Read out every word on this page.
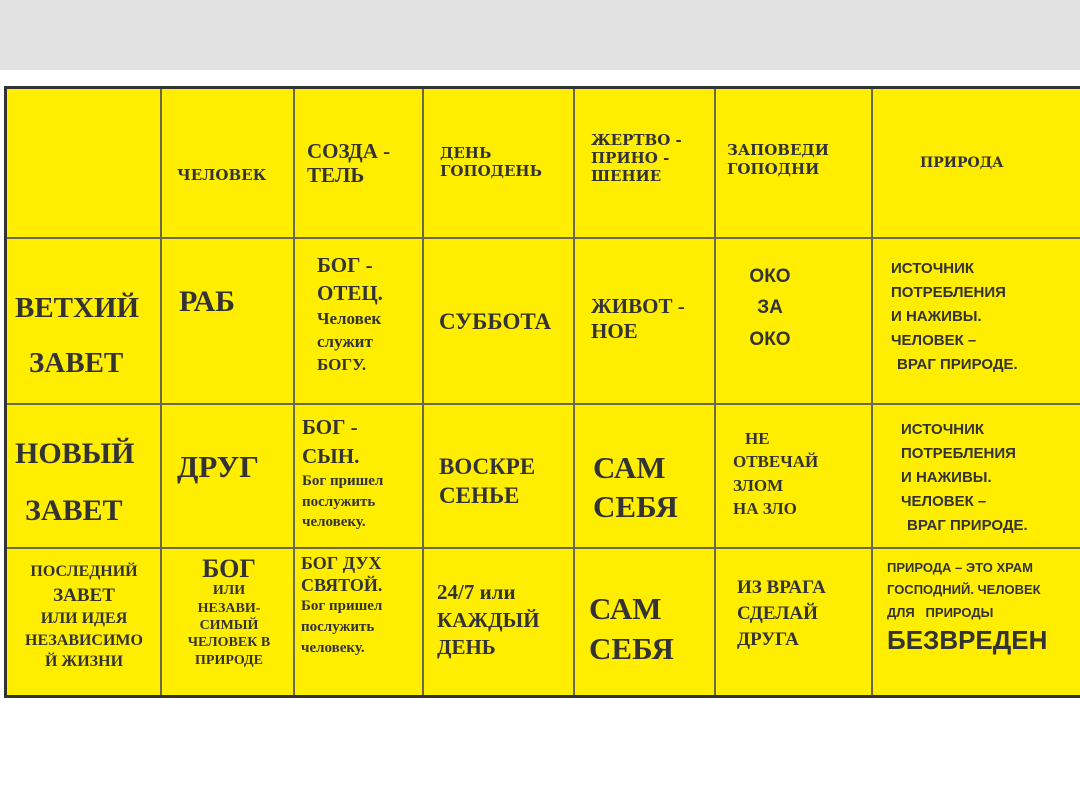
ЧЕЛОВЕК
СОЗДА -
ТЕЛЬ
ДЕНЬ
ГОПОДЕНЬ
ЖЕРТВО -
ПРИНО -
ШЕНИЕ
ЗАПОВЕДИ
ГОПОДНИ	ПРИРОДА
ВЕТХИЙ
ЗАВЕТ
РАБ
БОГ -
ОТЕЦ.
Человек
служит
БОГУ.
СУББОТА
ЖИВОТ -
НОЕ
ОКО
ЗА
ОКО
ИСТОЧНИК
ПОТРЕБЛЕНИЯ
И НАЖИВЫ.
ЧЕЛОВЕК –
ВРАГ ПРИРОДЕ.
НОВЫЙ
ЗАВЕТ
ДРУГ
БОГ -
СЫН.
Бог пришел
послужить
человеку.
ВОСКРЕ
СЕНЬЕ
САМ
СЕБЯ
НЕ
ОТВЕЧАЙ
ЗЛОМ
НА ЗЛО
ИСТОЧНИК
ПОТРЕБЛЕНИЯ
И НАЖИВЫ.
ЧЕЛОВЕК –
ВРАГ ПРИРОДЕ.
ПОСЛЕДНИЙ
ЗАВЕТ
ИЛИ ИДЕЯ
НЕЗАВИСИМО
Й ЖИЗНИ
БОГ
ИЛИ
НЕЗАВИ-
СИМЫЙ
ЧЕЛОВЕК В
ПРИРОДЕ
БОГ ДУХ
СВЯТОЙ.
Бог пришел
послужить
человеку.
24/7 или
КАЖДЫЙ
ДЕНЬ
САМ
СЕБЯ
ИЗ ВРАГА
СДЕЛАЙ
ДРУГА
ПРИРОДА – ЭТО ХРАМ
ГОСПОДНИЙ. ЧЕЛОВЕК
ДЛЯ   ПРИРОДЫ
БЕЗВРЕДЕН
